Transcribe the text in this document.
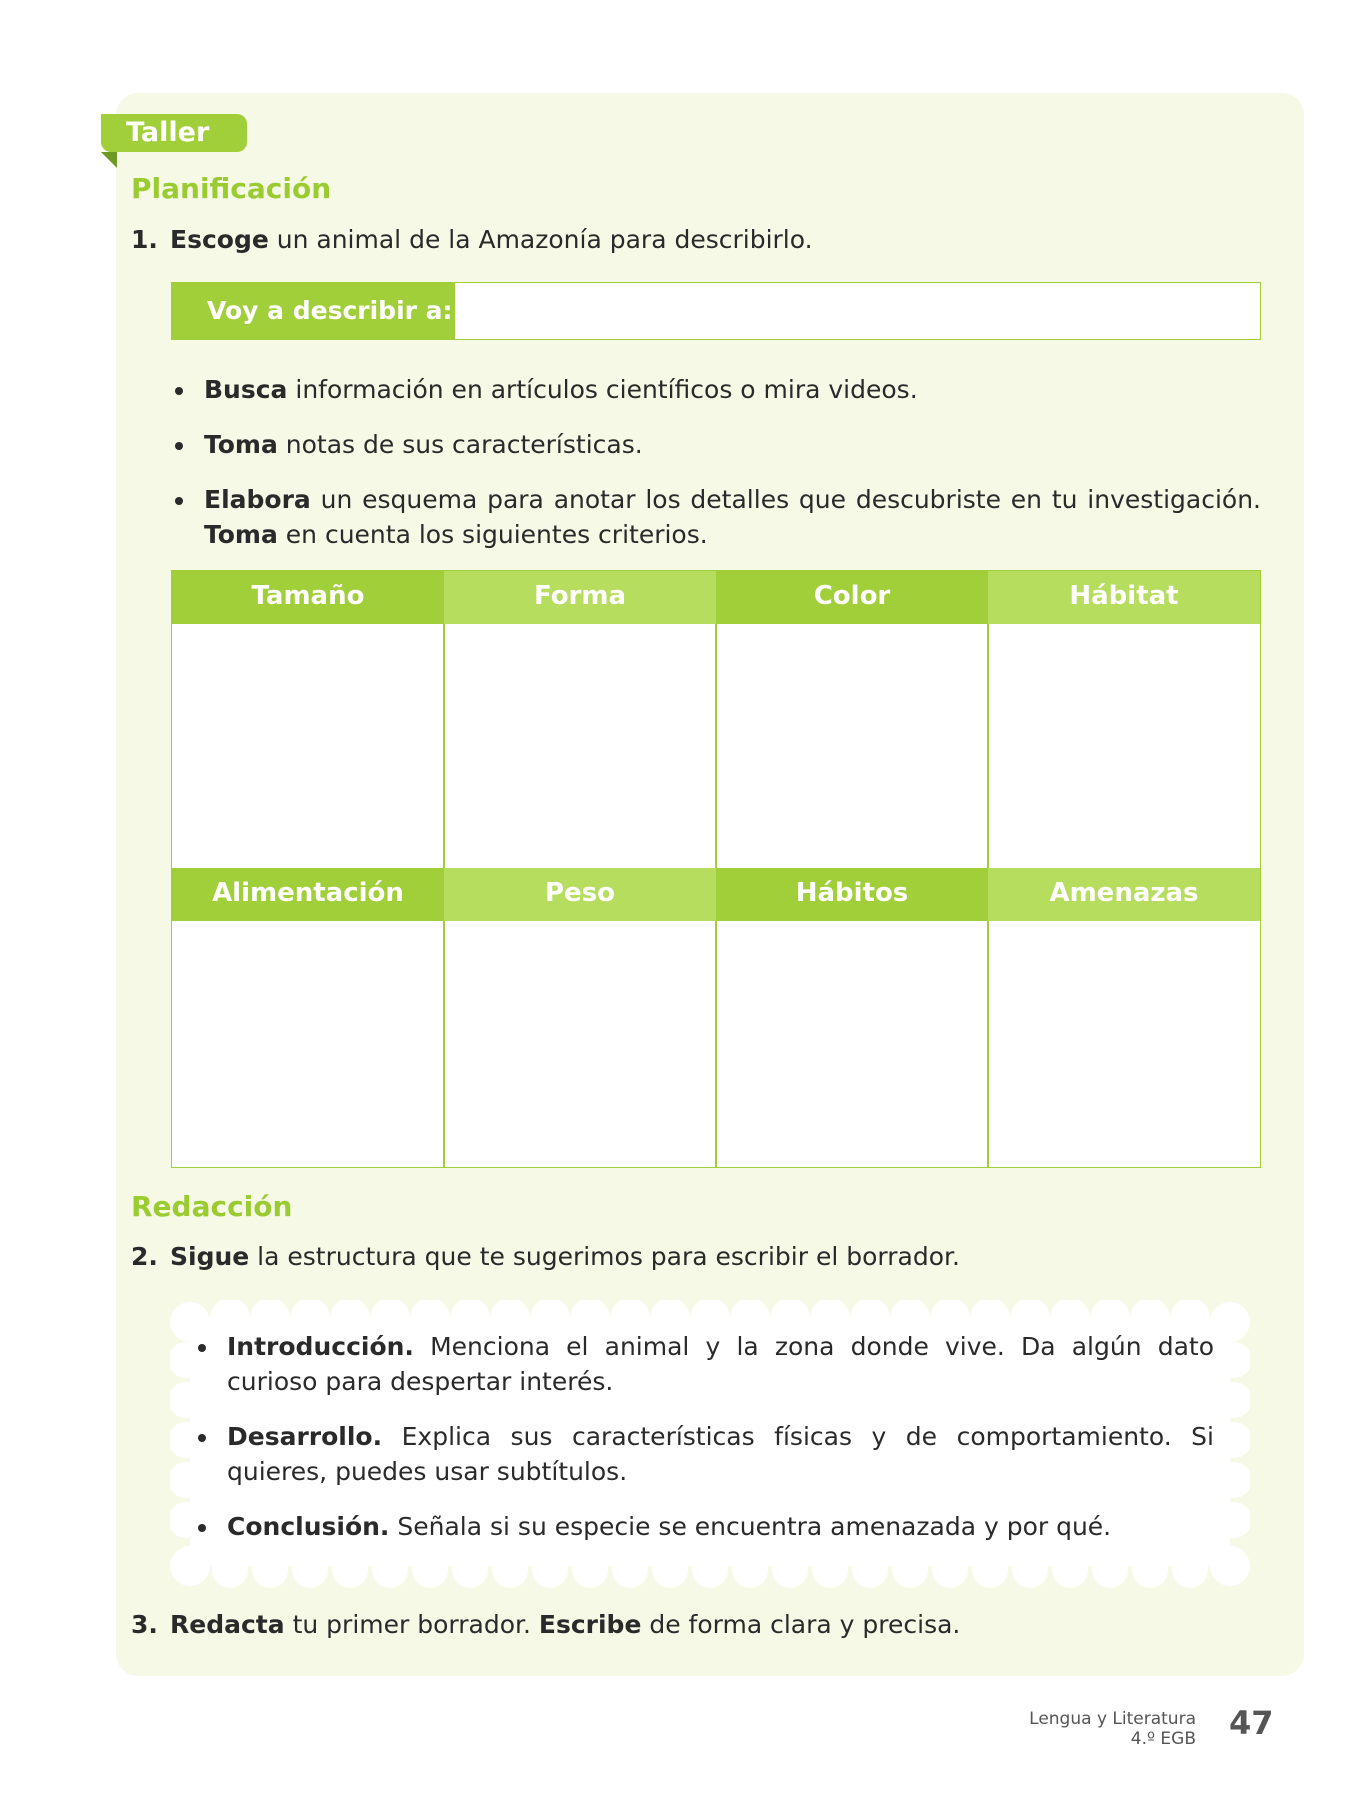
Taller
Planificación
1. Escoge un animal de la Amazonía para describirlo.
Voy a describir a:
Busca información en artículos científicos o mira videos.
Toma notas de sus características.
Elabora un esquema para anotar los detalles que descubriste en tu investigación. Toma en cuenta los siguientes criterios.
Tamaño	Forma	Color	Hábitat
Alimentación	Peso	Hábitos	Amenazas
Redacción
2. Sigue la estructura que te sugerimos para escribir el borrador.
Introducción. Menciona el animal y la zona donde vive. Da algún dato curioso para despertar interés.
Desarrollo. Explica sus características físicas y de comportamiento. Si quieres, puedes usar subtítulos.
Conclusión. Señala si su especie se encuentra amenazada y por qué.
3. Redacta tu primer borrador. Escribe de forma clara y precisa.
Lengua y Literatura
4.º EGB 47
